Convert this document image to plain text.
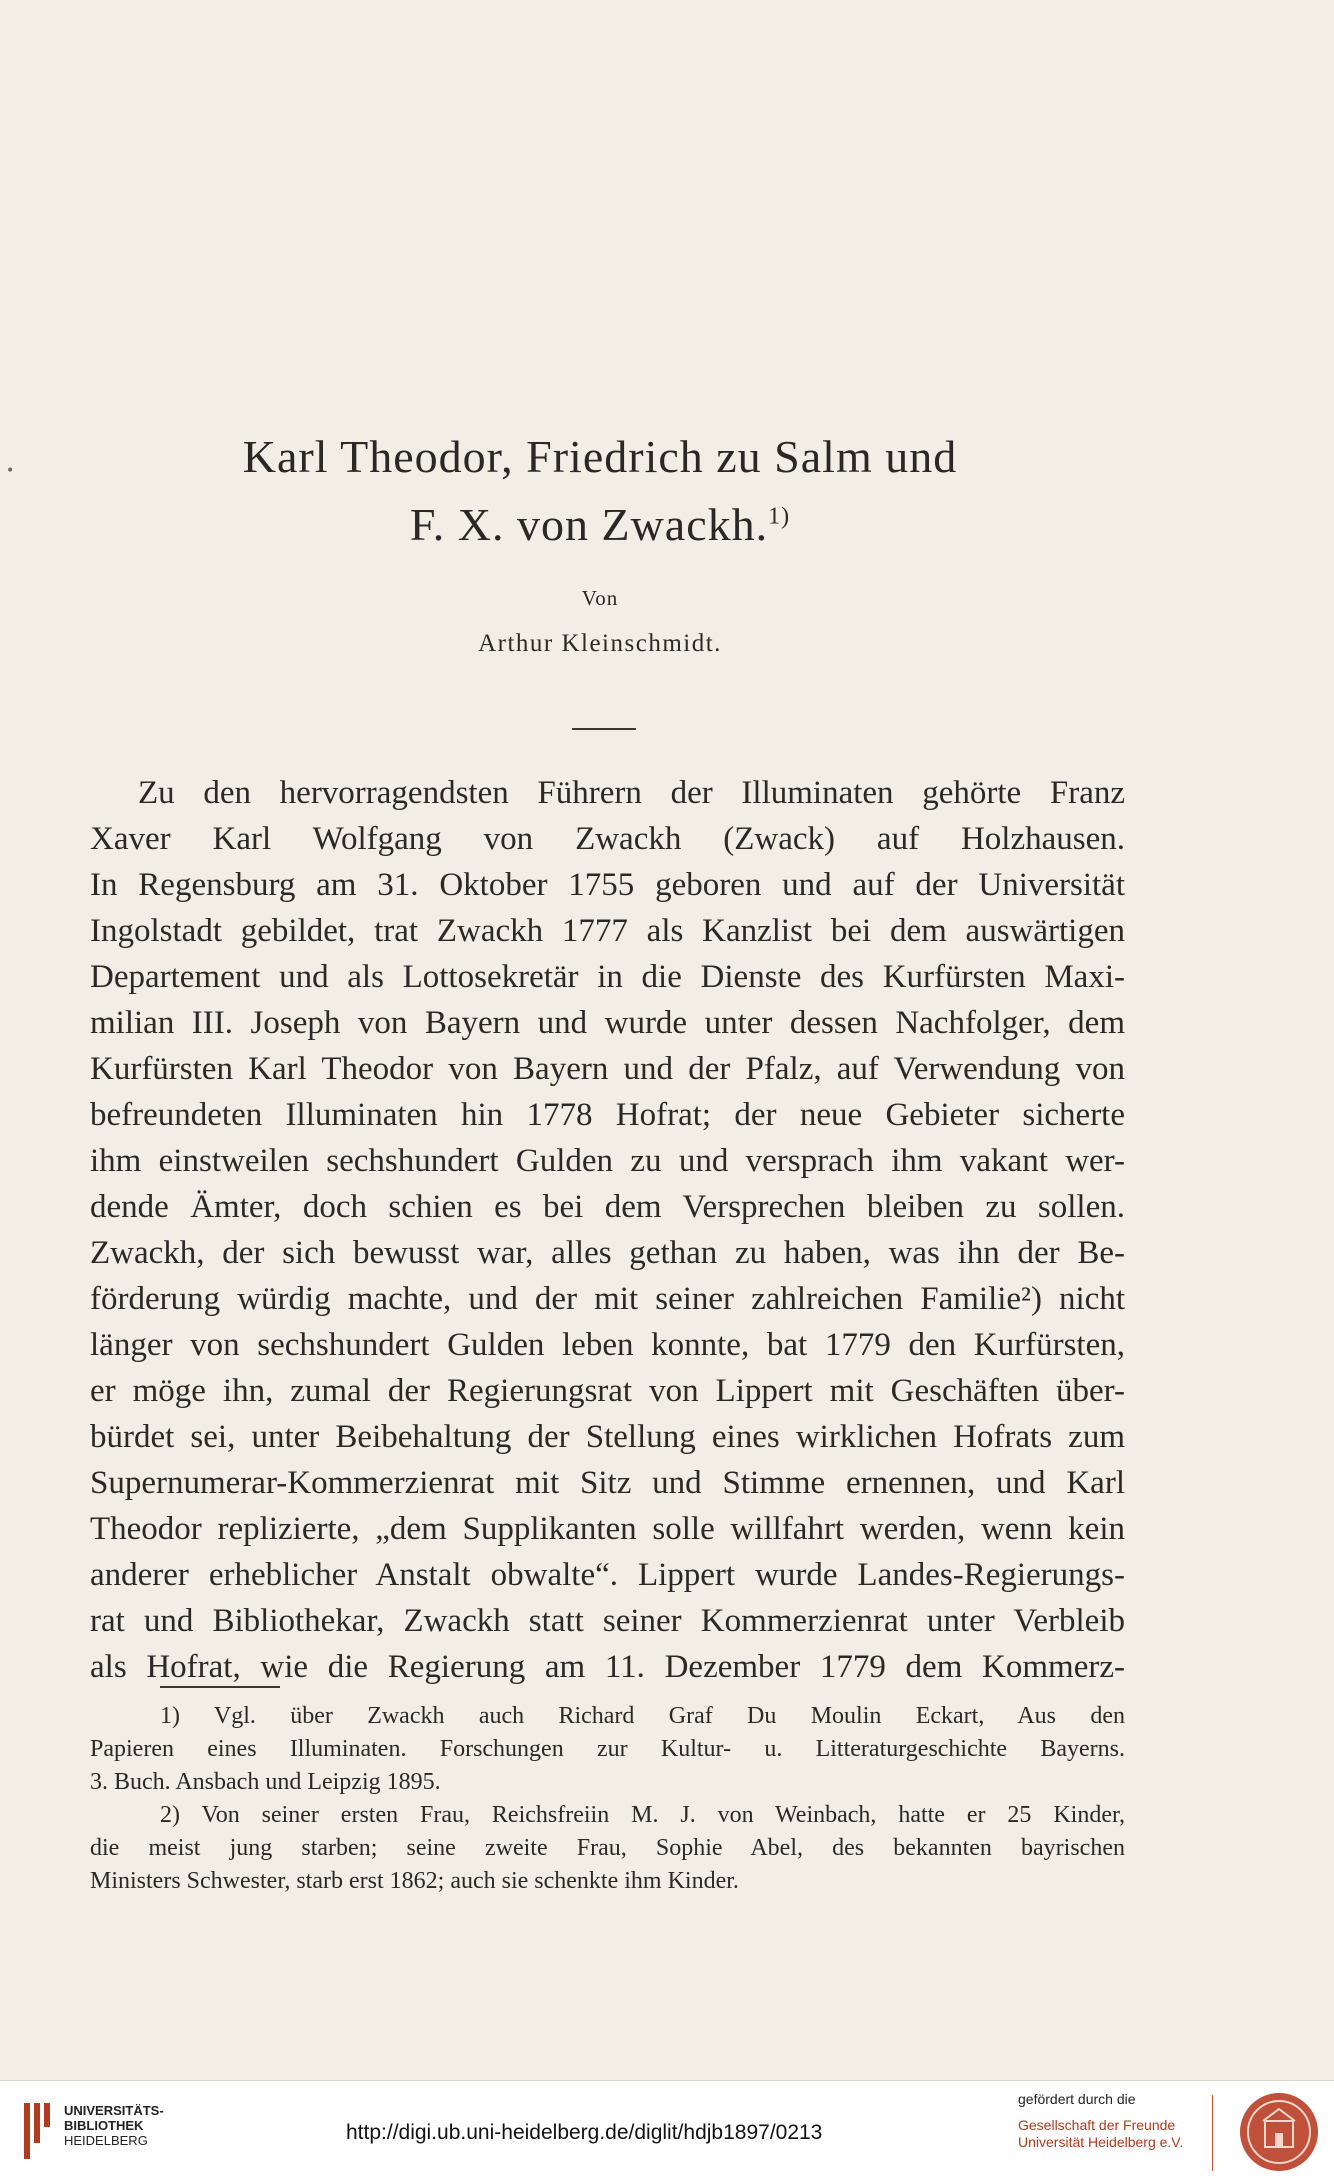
•	Karl Theodor, Friedrich zu Salm und
F. X. von Zwackh.$^{1)}$
Von
Arthur Kleinschmidt.
Zu den hervorragendsten Führern der Illuminaten gehörte Franz
Xaver Karl Wolfgang von Zwackh (Zwack) auf Holzhausen.
In Regensburg am 31. Oktober 1755 geboren und auf der Universität
Ingolstadt gebildet, trat Zwackh 1777 als Kanzlist bei dem auswärtigen
Departement und als Lottosekretär in die Dienste des Kurfürsten Maxi-
milian III. Joseph von Bayern und wurde unter dessen Nachfolger, dem
Kurfürsten Karl Theodor von Bayern und der Pfalz, auf Verwendung von
befreundeten Illuminaten hin 1778 Hofrat; der neue Gebieter sicherte
ihm einstweilen sechshundert Gulden zu und versprach ihm vakant wer-
dende Ämter, doch schien es bei dem Versprechen bleiben zu sollen.
Zwackh, der sich bewusst war, alles gethan zu haben, was ihn der Be-
förderung würdig machte, und der mit seiner zahlreichen Familie²) nicht
länger von sechshundert Gulden leben konnte, bat 1779 den Kurfürsten,
er möge ihn, zumal der Regierungsrat von Lippert mit Geschäften über-
bürdet sei, unter Beibehaltung der Stellung eines wirklichen Hofrats zum
Supernumerar-Kommerzienrat mit Sitz und Stimme ernennen, und Karl
Theodor replizierte, „dem Supplikanten solle willfahrt werden, wenn kein
anderer erheblicher Anstalt obwalte“. Lippert wurde Landes-Regierungs-
rat und Bibliothekar, Zwackh statt seiner Kommerzienrat unter Verbleib
als Hofrat, wie die Regierung am 11. Dezember 1779 dem Kommerz-
1) Vgl. über Zwackh auch Richard Graf Du Moulin Eckart, Aus den
Papieren eines Illuminaten. Forschungen zur Kultur- u. Litteraturgeschichte Bayerns.
3. Buch. Ansbach und Leipzig 1895.
2) Von seiner ersten Frau, Reichsfreiin M. J. von Weinbach, hatte er 25 Kinder,
die meist jung starben; seine zweite Frau, Sophie Abel, des bekannten bayrischen
Ministers Schwester, starb erst 1862; auch sie schenkte ihm Kinder.
UNIVERSITÄTS-
BIBLIOTHEK
HEIDELBERG	http://digi.ub.uni-heidelberg.de/diglit/hdjb1897/0213
gefördert durch die
Gesellschaft der Freunde
Universität Heidelberg e.V.
